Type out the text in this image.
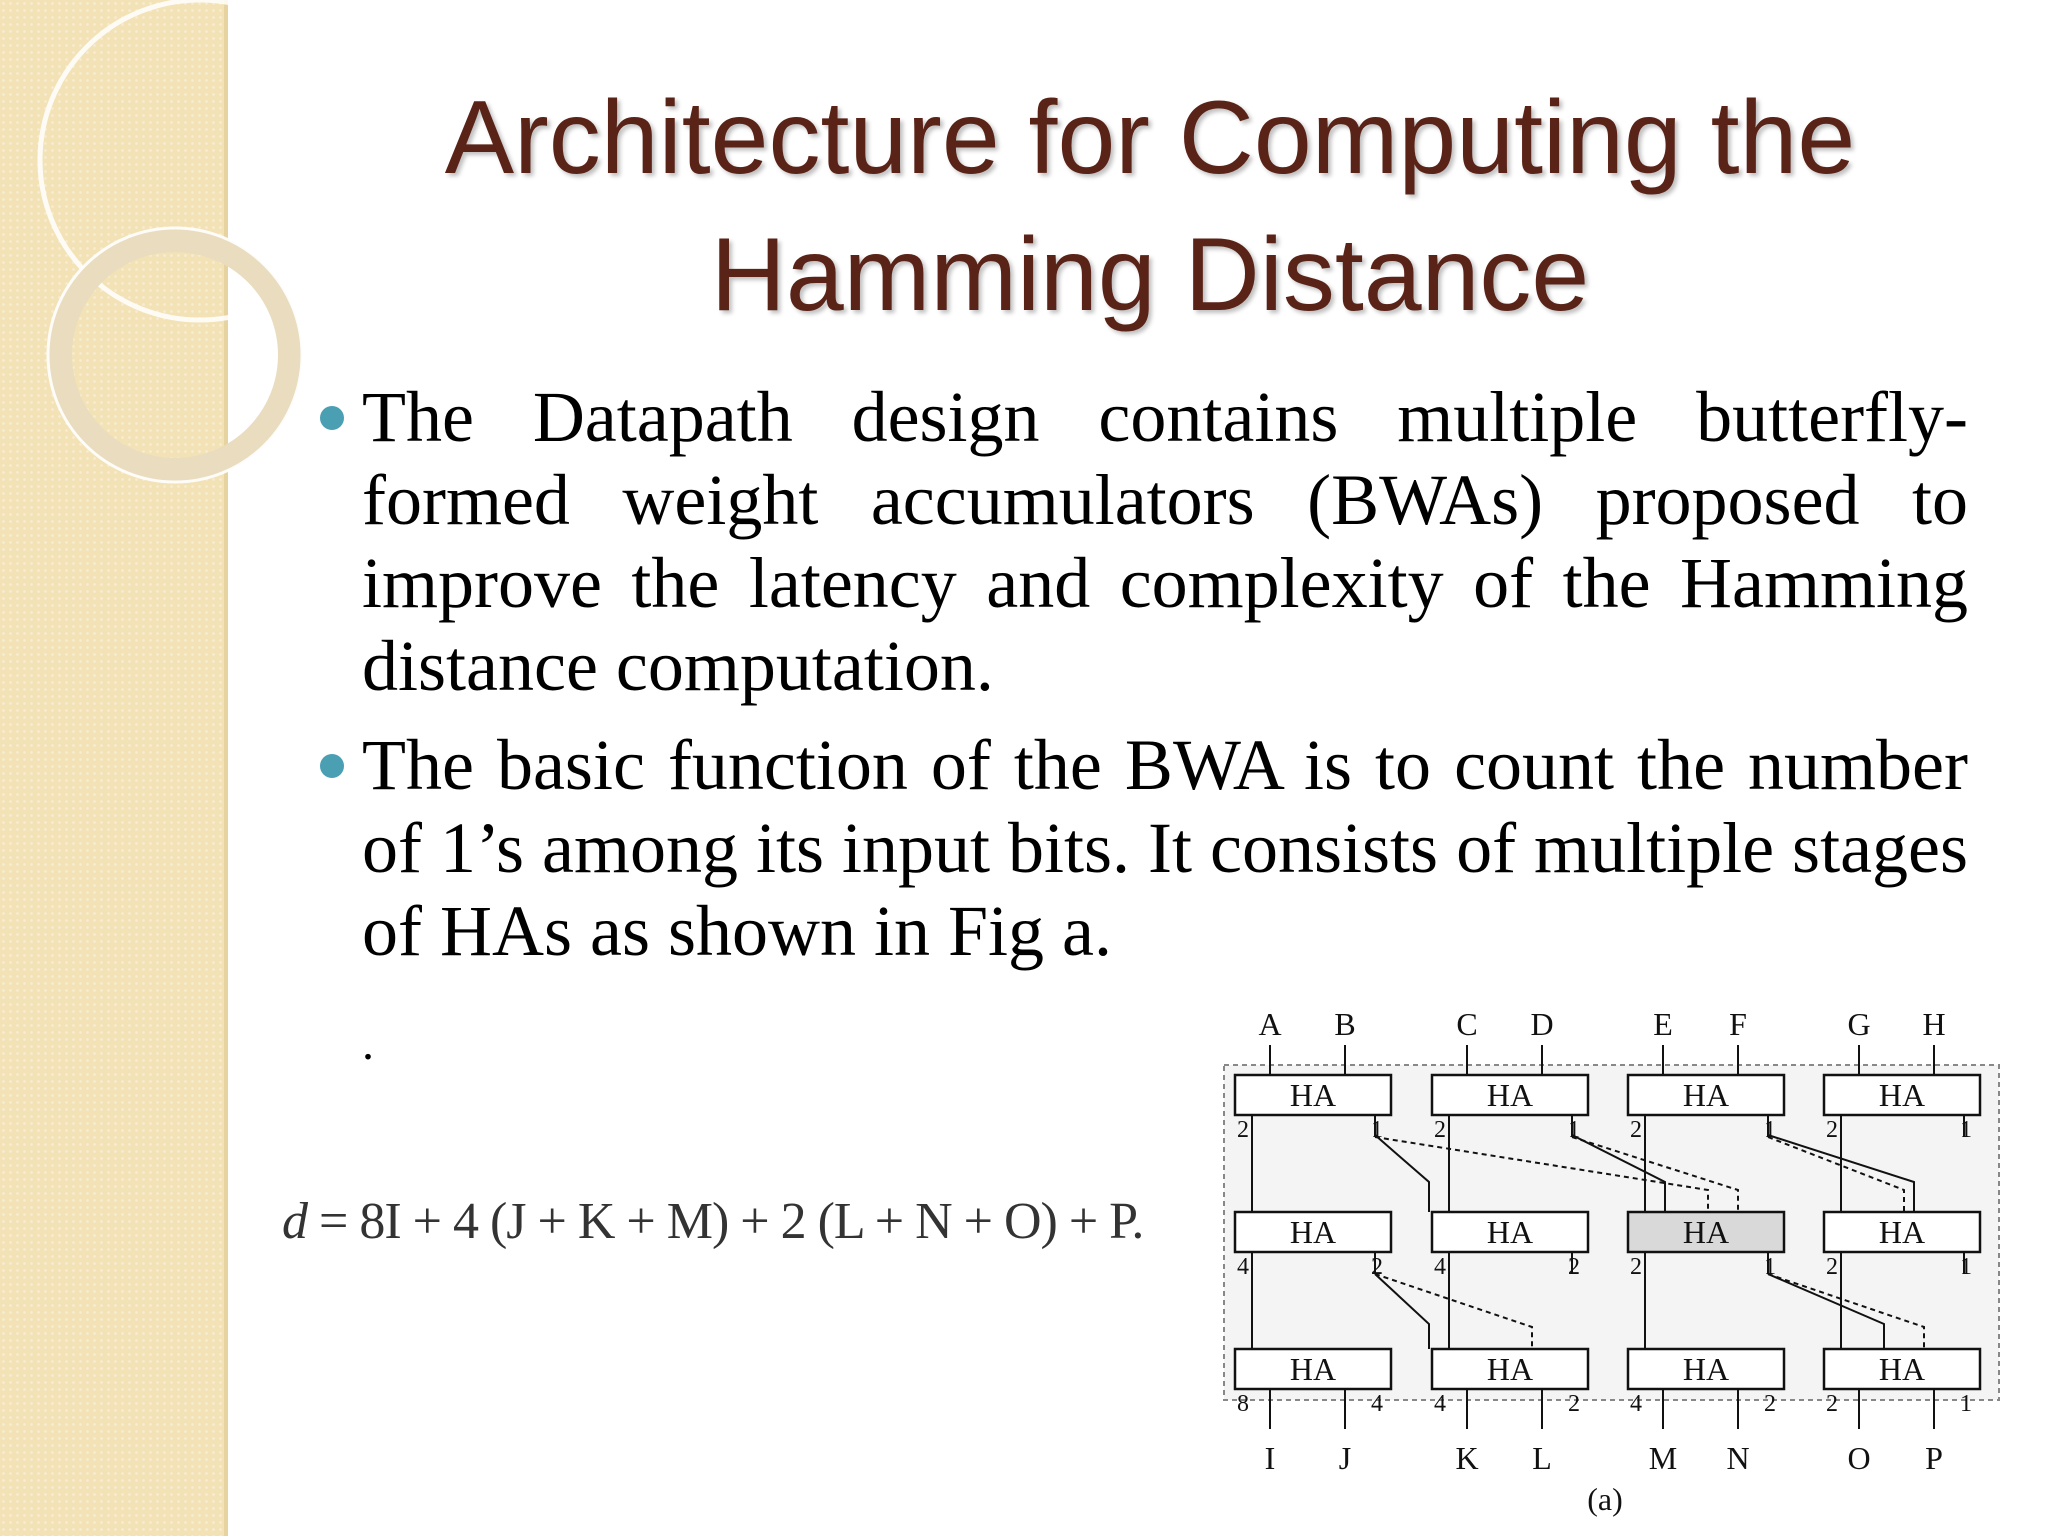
Architecture for Computing the
Hamming Distance

The Datapath design contains multiple butterfly-formed weight accumulators (BWAs) proposed to improve the latency and complexity of the Hamming distance computation.

The basic function of the BWA is to count the number of 1’s among its input bits. It consists of multiple stages of HAs as shown in Fig a.

.
d = 8I + 4 (J + K + M) + 2 (L + N + O) + P.
A B	C D	E F	G H
HA	HA	HA	HA
HA	HA	HA	HA
HA	HA	HA	HA
2	1 2	1 2	1 2	1
4	2 4	2 2	1 2	1
8	4 4	2 4	2 2	1
I J	K L	M N	O P
(a)
